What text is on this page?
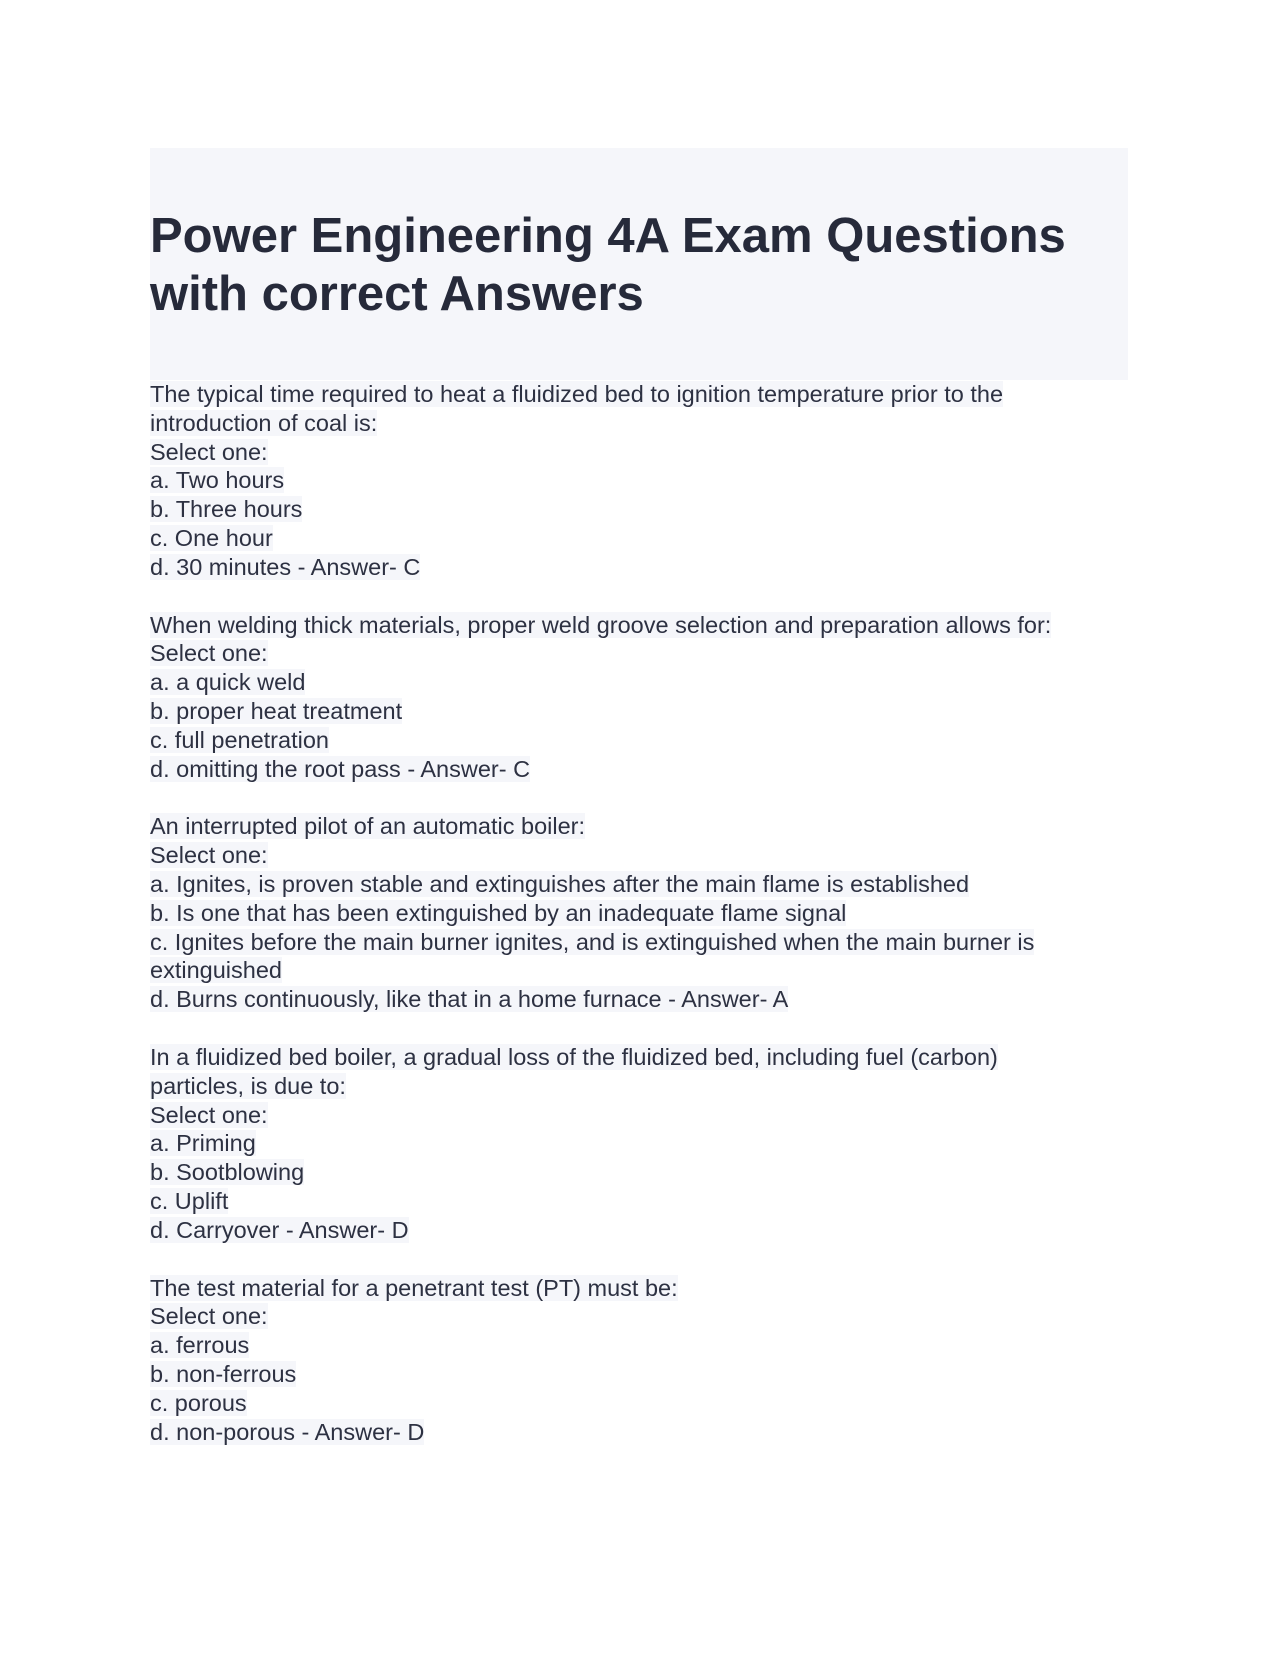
Power Engineering 4A Exam Questions
with correct Answers
The typical time required to heat a fluidized bed to ignition temperature prior to the
introduction of coal is:
Select one:
a. Two hours
b. Three hours
c. One hour
d. 30 minutes - Answer- C
When welding thick materials, proper weld groove selection and preparation allows for:
Select one:
a. a quick weld
b. proper heat treatment
c. full penetration
d. omitting the root pass - Answer- C
An interrupted pilot of an automatic boiler:
Select one:
a. Ignites, is proven stable and extinguishes after the main flame is established
b. Is one that has been extinguished by an inadequate flame signal
c. Ignites before the main burner ignites, and is extinguished when the main burner is
extinguished
d. Burns continuously, like that in a home furnace - Answer- A
In a fluidized bed boiler, a gradual loss of the fluidized bed, including fuel (carbon)
particles, is due to:
Select one:
a. Priming
b. Sootblowing
c. Uplift
d. Carryover - Answer- D
The test material for a penetrant test (PT) must be:
Select one:
a. ferrous
b. non-ferrous
c. porous
d. non-porous - Answer- D
